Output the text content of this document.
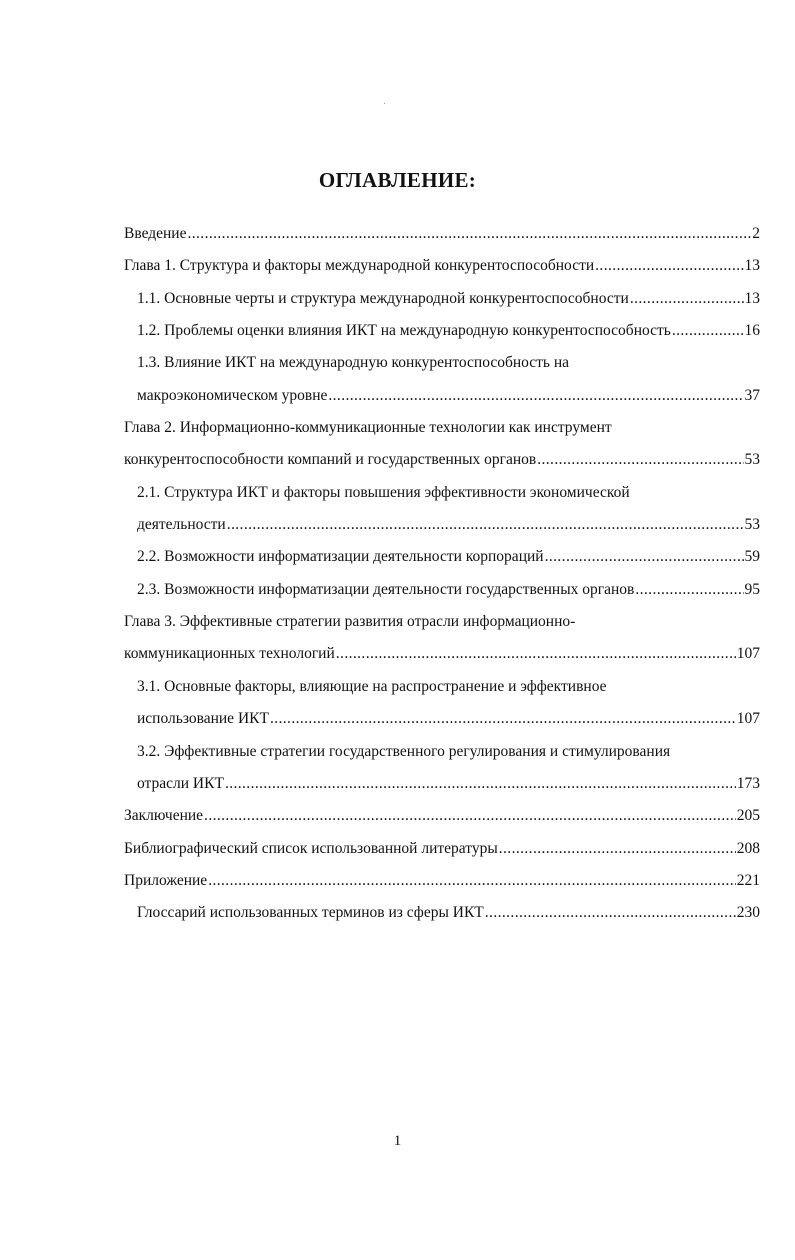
ОГЛАВЛЕНИЕ:
Введение .....	2
Глава 1. Структура и факторы международной конкурентоспособности .....	13
1.1. Основные черты и структура международной конкурентоспособности .....	13
1.2. Проблемы оценки влияния ИКТ на международную конкурентоспособность .....	16
1.3. Влияние ИКТ на международную конкурентоспособность на
макроэкономическом уровне .....	37
Глава 2. Информационно-коммуникационные технологии как инструмент
конкурентоспособности компаний и государственных органов .....	53
2.1. Структура ИКТ и факторы повышения эффективности экономической
деятельности .....	53
2.2. Возможности информатизации деятельности корпораций .....	59
2.3. Возможности информатизации деятельности государственных органов .....	95
Глава 3. Эффективные стратегии развития отрасли информационно-
коммуникационных технологий .....	107
3.1. Основные факторы, влияющие на распространение и эффективное
использование ИКТ .....	107
3.2. Эффективные стратегии государственного регулирования и стимулирования
отрасли ИКТ .....	173
Заключение .....	205
Библиографический список использованной литературы .....	208
Приложение .....	221
Глоссарий использованных терминов из сферы ИКТ .....	230
1
